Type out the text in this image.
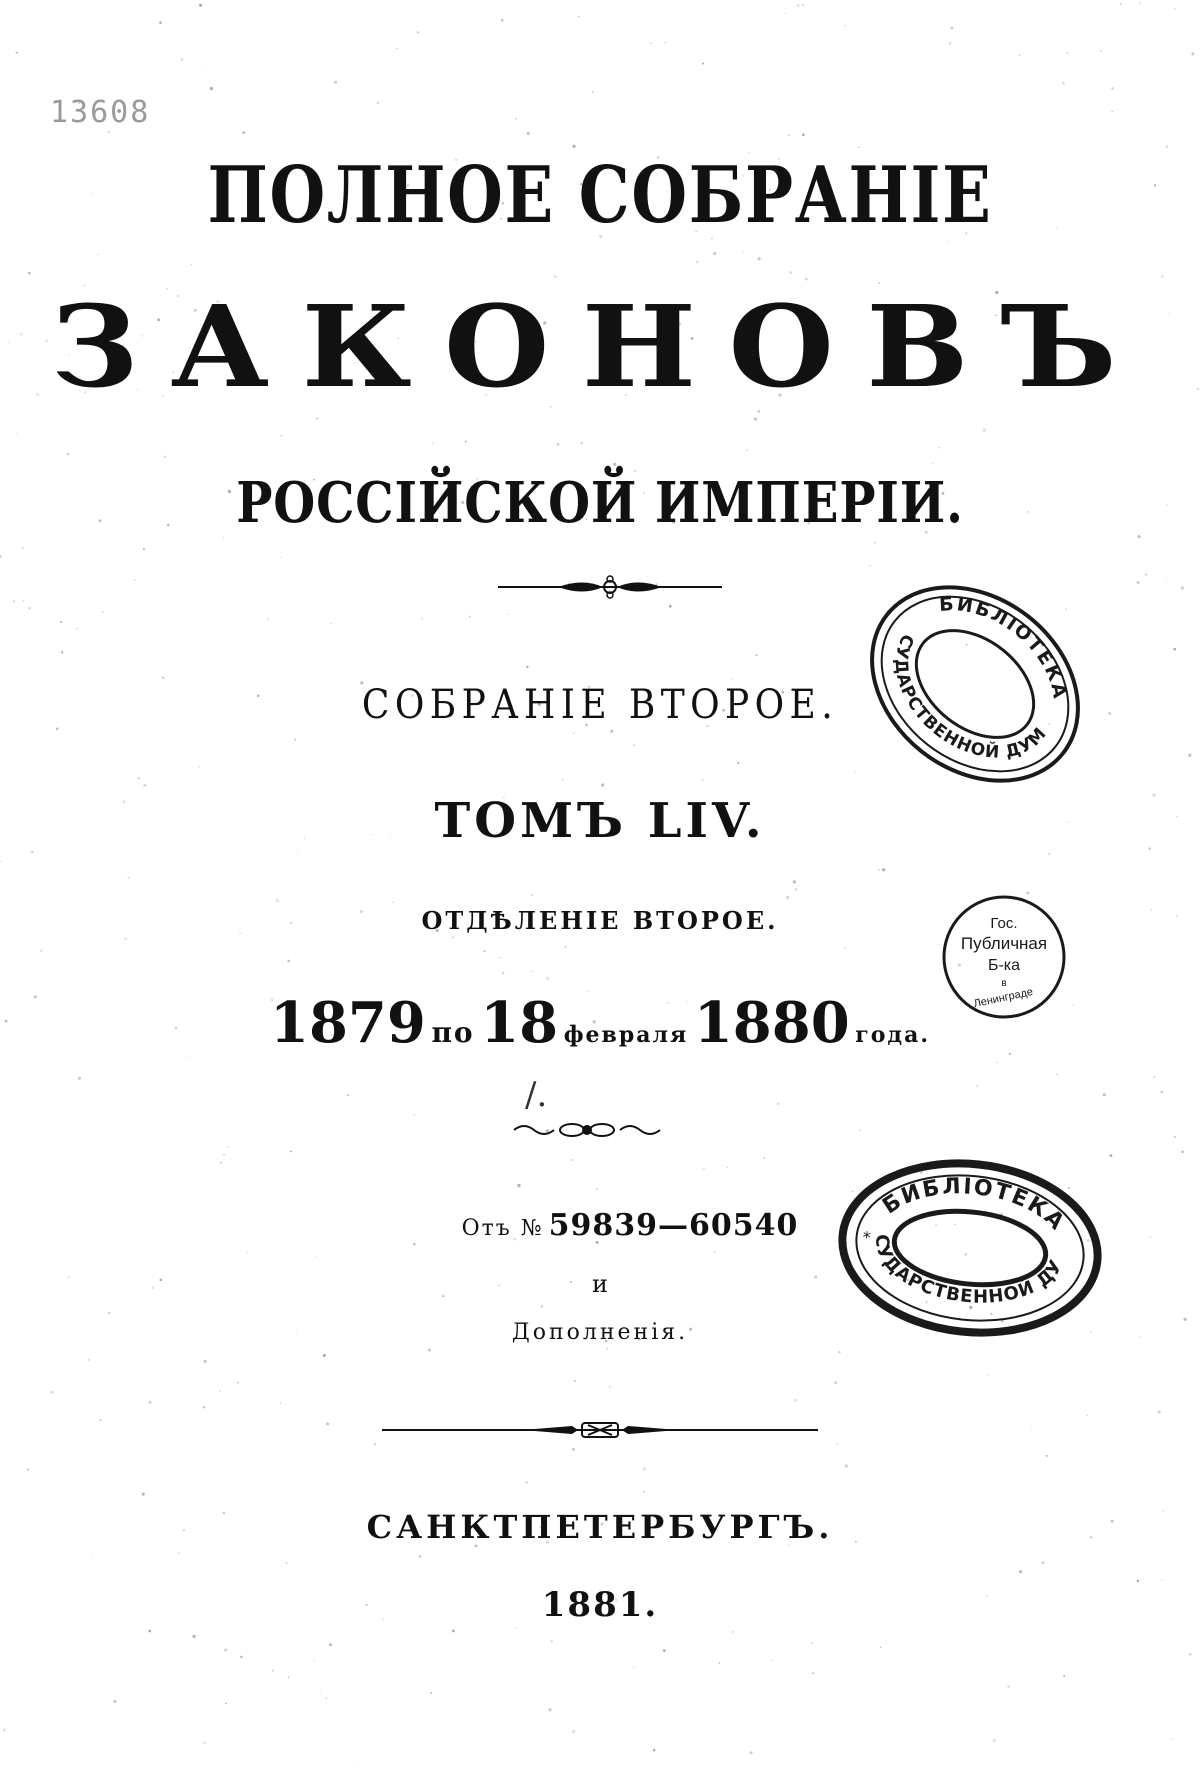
13608
ПОЛНОЕ СОБРАНІЕ
ЗАКОНОВЪ
РОССІЙСКОЙ ИМПЕРІИ.
СОБРАНІЕ ВТОРОЕ.
ТОМЪ LIV.
ОТДѢЛЕНІЕ ВТОРОЕ.
1879 по 18 февраля 1880 года.
/.
Отъ № 59839—60540
и
Дополненія.
САНКТПЕТЕРБУРГЪ.
1881.
БИБЛІОТЕКА
ГОСУДАРСТВЕННОЙ ДУМЫ
Гос.
Публичная
Б-ка
в
Ленинграде
БИБЛІОТЕКА
ГОСУДАРСТВЕННОЙ ДУМЫ
*
